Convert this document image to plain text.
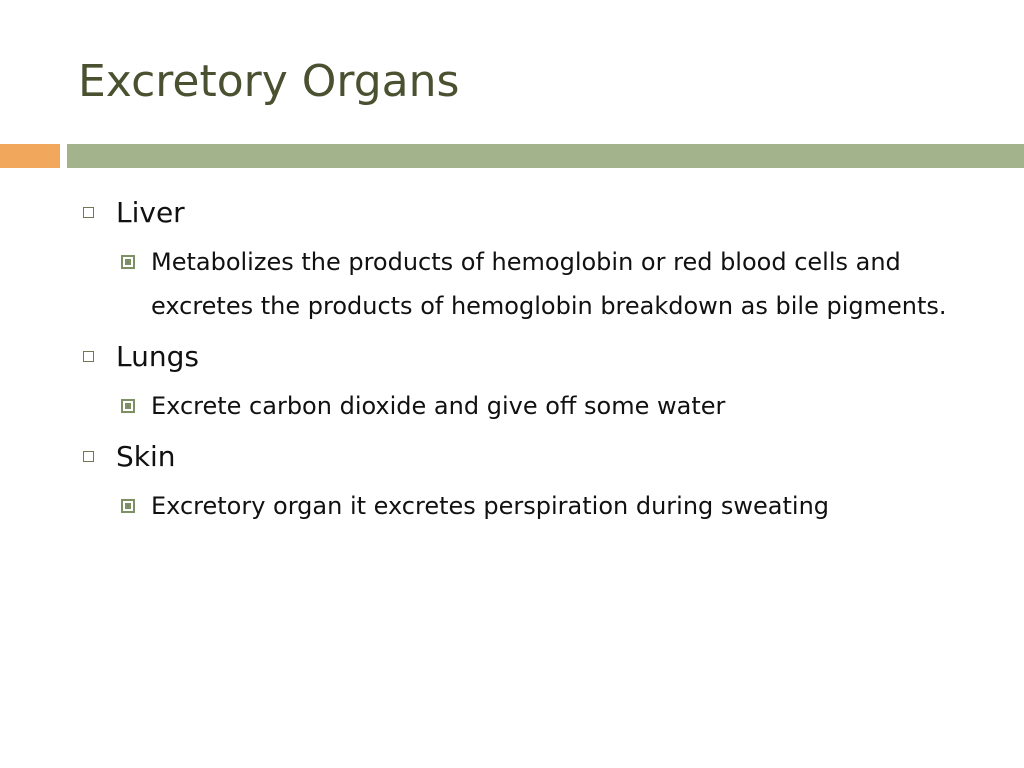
Excretory Organs
Liver
Metabolizes the products of hemoglobin or red blood cells and excretes the products of hemoglobin breakdown as bile pigments.
Lungs
Excrete carbon dioxide and give off some water
Skin
Excretory organ it excretes perspiration during sweating
